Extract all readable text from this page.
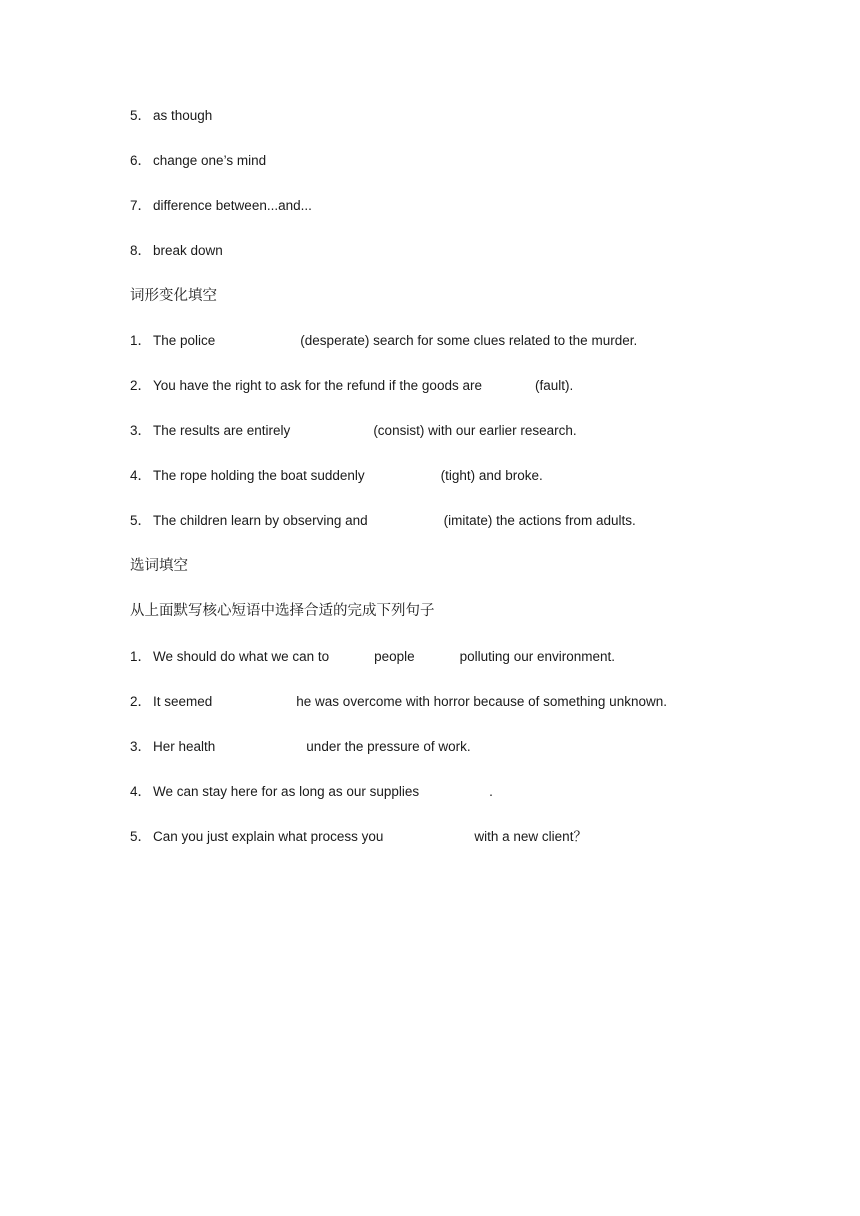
5． as though
6． change one’s mind
7． difference between...and...
8． break down
词形变化填空
1． The police	(desperate) search for some clues related to the murder.
2． You have the right to ask for the refund if the goods are	(fault).
3． The results are entirely	(consist) with our earlier research.
4． The rope holding the boat suddenly	(tight) and broke.
5． The children learn by observing and	(imitate) the actions from adults.
选词填空
从上面默写核心短语中选择合适的完成下列句子
1． We should do what we can to	people	polluting our environment.
2． It seemed	he was overcome with horror because of something unknown.
3． Her health	under the pressure of work.
4． We can stay here for as long as our supplies	.
5． Can you just explain what process you	with a new client？
